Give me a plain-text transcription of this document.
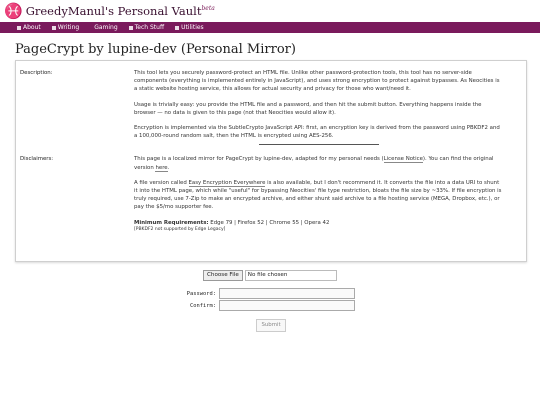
♓ GreedyManul's Personal Vault$^{beta}$
About	Writing	Gaming	Tech Stuff	Utilities
PageCrypt by lupine-dev (Personal Mirror)
Description:	This tool lets you securely password-protect an HTML file. Unlike other password-protection tools, this tool has no server-side components (everything is implemented entirely in JavaScript), and uses strong encryption to protect against bypasses. As Neocities is a static website hosting service, this allows for actual security and privacy for those who want/need it.

Usage is trivially easy: you provide the HTML file and a password, and then hit the submit button. Everything happens inside the browser — no data is given to this page (not that Neocities would allow it).

Encryption is implemented via the SubtleCrypto JavaScript API: first, an encryption key is derived from the password using PBKDF2 and a 100,000-round random salt, then the HTML is encrypted using AES-256.

Disclaimers:	This page is a localized mirror for PageCrypt by lupine-dev, adapted for my personal needs (License Notice). You can find the original version here.

A file version called Easy Encryption Everywhere is also available, but I don't recommend it. It converts the file into a data URI to shunt it into the HTML page, which while "useful" for bypassing Neocities' file type restriction, bloats the file size by ~33%. If file encryption is truly required, use 7-Zip to make an encrypted archive, and either shunt said archive to a file hosting service (MEGA, Dropbox, etc.), or pay the $5/mo supporter fee.

Minimum Requirements: Edge 79 | Firefox 52 | Chrome 55 | Opera 42

[PBKDF2 not supported by Edge Legacy]
Choose File	No file chosen
Password:
Confirm:
Submit
